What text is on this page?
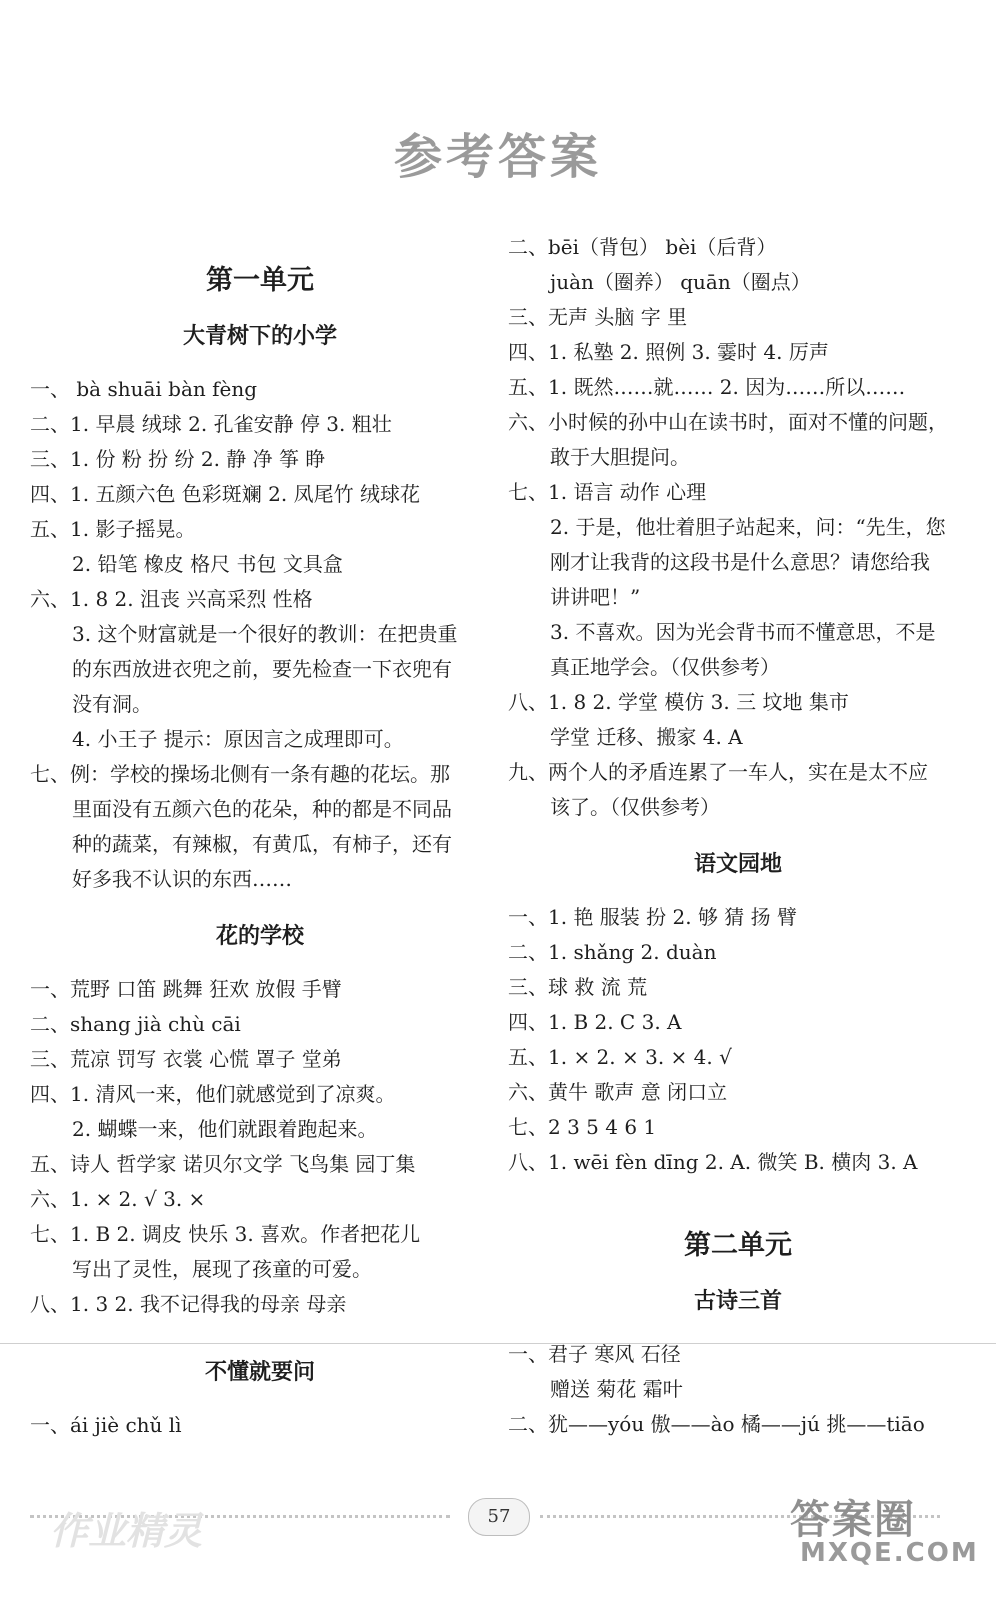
参考答案
第一单元
大青树下的小学
一、 bà shuāi bàn fèng
二、1. 早晨 绒球 2. 孔雀安静 停 3. 粗壮
三、1. 份 粉 扮 纷 2. 静 净 筝 睁
四、1. 五颜六色 色彩斑斓 2. 凤尾竹 绒球花
五、1. 影子摇晃。
2. 铅笔 橡皮 格尺 书包 文具盒
六、1. 8 2. 沮丧 兴高采烈 性格
3. 这个财富就是一个很好的教训：在把贵重
的东西放进衣兜之前，要先检查一下衣兜有
没有洞。
4. 小王子 提示：原因言之成理即可。
七、例：学校的操场北侧有一条有趣的花坛。那
里面没有五颜六色的花朵，种的都是不同品
种的蔬菜，有辣椒，有黄瓜，有柿子，还有
好多我不认识的东西……
花的学校
一、荒野 口笛 跳舞 狂欢 放假 手臂
二、shang jià chù cāi
三、荒凉 罚写 衣裳 心慌 罩子 堂弟
四、1. 清风一来，他们就感觉到了凉爽。
2. 蝴蝶一来，他们就跟着跑起来。
五、诗人 哲学家 诺贝尔文学 飞鸟集 园丁集
六、1. × 2. √ 3. ×
七、1. B 2. 调皮 快乐 3. 喜欢。作者把花儿
写出了灵性，展现了孩童的可爱。
八、1. 3 2. 我不记得我的母亲 母亲
不懂就要问
一、ái jiè chǔ lì
二、bēi（背包） bèi（后背）
juàn（圈养） quān（圈点）
三、无声 头脑 字 里
四、1. 私塾 2. 照例 3. 霎时 4. 厉声
五、1. 既然……就…… 2. 因为……所以……
六、小时候的孙中山在读书时，面对不懂的问题，
敢于大胆提问。
七、1. 语言 动作 心理
2. 于是，他壮着胆子站起来，问：“先生，您
刚才让我背的这段书是什么意思？请您给我
讲讲吧！”
3. 不喜欢。因为光会背书而不懂意思，不是
真正地学会。（仅供参考）
八、1. 8 2. 学堂 模仿 3. 三 坟地 集市
学堂 迁移、搬家 4. A
九、两个人的矛盾连累了一车人，实在是太不应
该了。（仅供参考）
语文园地
一、1. 艳 服装 扮 2. 够 猜 扬 臂
二、1. shǎng 2. duàn
三、球 救 流 荒
四、1. B 2. C 3. A
五、1. × 2. × 3. × 4. √
六、黄牛 歌声 意 闭口立
七、2 3 5 4 6 1
八、1. wēi fèn dīng 2. A. 微笑 B. 横肉 3. A
第二单元
古诗三首
一、君子 寒风 石径
赠送 菊花 霜叶
二、犹——yóu 傲——ào 橘——jú 挑——tiāo
57
作业精灵	答案圈
MXQE.COM
